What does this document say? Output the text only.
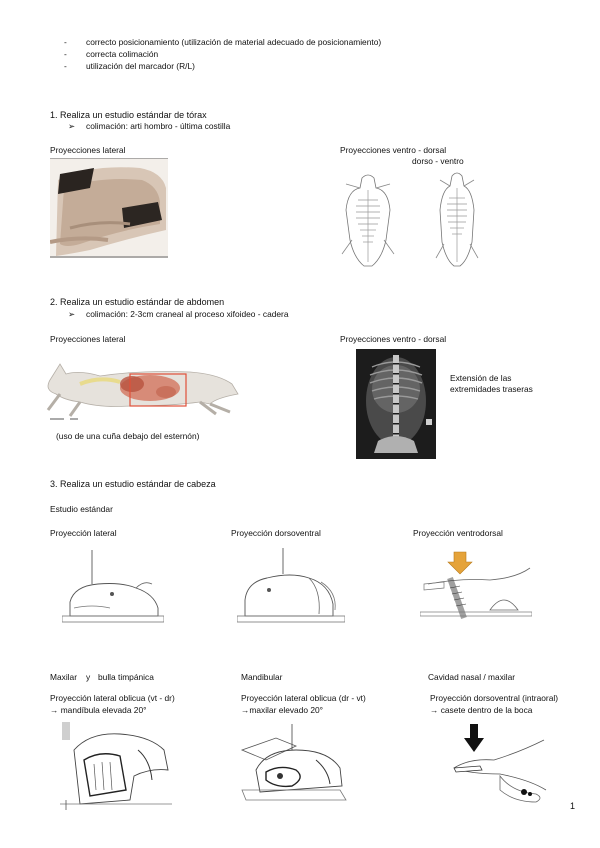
- correcto posicionamiento (utilización de material adecuado de posicionamiento)
- correcta colimación
- utilización del marcador (R/L)
1. Realiza un estudio estándar de tórax
➢ colimación: arti hombro - última costilla
Proyecciones lateral	Proyecciones ventro - dorsal
dorso - ventro
2. Realiza un estudio estándar de abdomen
➢ colimación: 2-3cm craneal al proceso xifoideo - cadera
Proyecciones lateral	Proyecciones ventro - dorsal
(uso de una cuña debajo del esternón)
Extensión de las
extremidades traseras
3. Realiza un estudio estándar de cabeza
Estudio estándar
Proyección lateral	Proyección dorsoventral	Proyección ventrodorsal
Maxilar y bulla timpánica	Mandibular	Cavidad nasal / maxilar
Proyección lateral oblicua (vt - dr)
→ mandíbula elevada 20°
Proyección lateral oblicua (dr - vt)
→maxilar elevado 20°
Proyección dorsoventral (intraoral)
→ casete dentro de la boca
1
